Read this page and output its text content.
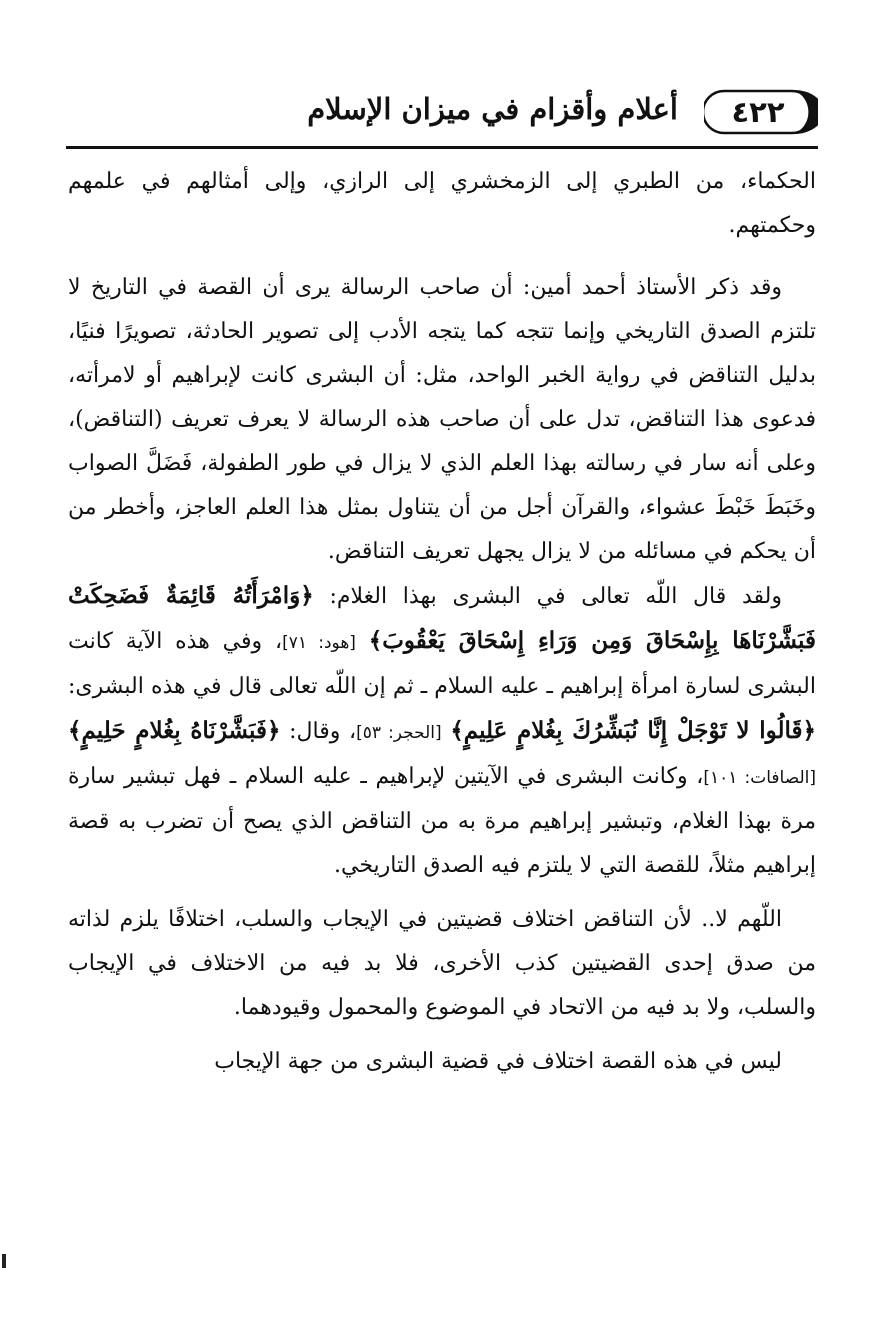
٤٢٢
أعلام وأقزام في ميزان الإسلام

الحكماء، من الطبري إلى الزمخشري إلى الرازي، وإلى أمثالهم في علمهم وحكمتهم.

وقد ذكر الأستاذ أحمد أمين: أن صاحب الرسالة يرى أن القصة في التاريخ لا تلتزم الصدق التاريخي وإنما تتجه كما يتجه الأدب إلى تصوير الحادثة، تصويرًا فنيًا، بدليل التناقض في رواية الخبر الواحد، مثل: أن البشرى كانت لإبراهيم أو لامرأته، فدعوى هذا التناقض، تدل على أن صاحب هذه الرسالة لا يعرف تعريف (التناقض)، وعلى أنه سار في رسالته بهذا العلم الذي لا يزال في طور الطفولة، فَضَلَّ الصواب وخَبَطَ خَبْطَ عشواء، والقرآن أجل من أن يتناول بمثل هذا العلم العاجز، وأخطر من أن يحكم في مسائله من لا يزال يجهل تعريف التناقض.

ولقد قال اللّه تعالى في البشرى بهذا الغلام: ﴿وَامْرَأَتُهُ قَائِمَةٌ فَضَحِكَتْ فَبَشَّرْنَاهَا بِإِسْحَاقَ وَمِن وَرَاءِ إِسْحَاقَ يَعْقُوبَ﴾ [هود: ٧١]، وفي هذه الآية كانت البشرى لسارة امرأة إبراهيم ـ عليه السلام ـ ثم إن اللّه تعالى قال في هذه البشرى: ﴿قَالُوا لا تَوْجَلْ إِنَّا نُبَشِّرُكَ بِغُلامٍ عَلِيمٍ﴾ [الحجر: ٥٣]، وقال: ﴿فَبَشَّرْنَاهُ بِغُلامٍ حَلِيمٍ﴾ [الصافات: ١٠١]، وكانت البشرى في الآيتين لإبراهيم ـ عليه السلام ـ فهل تبشير سارة مرة بهذا الغلام، وتبشير إبراهيم مرة به من التناقض الذي يصح أن تضرب به قصة إبراهيم مثلاً، للقصة التي لا يلتزم فيه الصدق التاريخي.

اللّهم لا.. لأن التناقض اختلاف قضيتين في الإيجاب والسلب، اختلافًا يلزم لذاته من صدق إحدى القضيتين كذب الأخرى، فلا بد فيه من الاختلاف في الإيجاب والسلب، ولا بد فيه من الاتحاد في الموضوع والمحمول وقيودهما.

ليس في هذه القصة اختلاف في قضية البشرى من جهة الإيجاب
